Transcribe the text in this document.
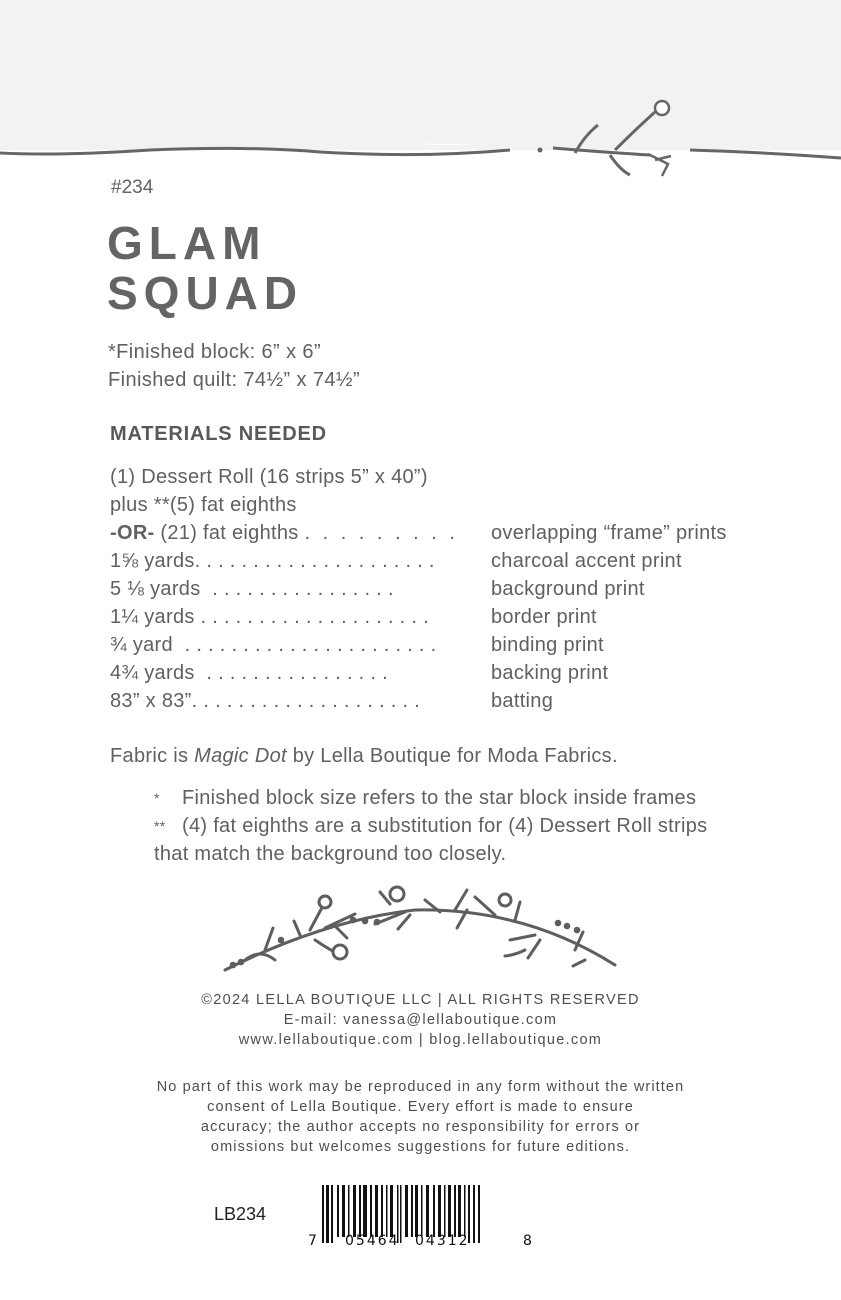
#234
GLAM
SQUAD
*Finished block: 6” x 6”
Finished quilt: 74½” x 74½”
MATERIALS NEEDED
(1) Dessert Roll (16 strips 5” x 40”)
plus **(5) fat eighths
-OR- (21) fat eighths . . . . . . . . . overlapping “frame” prints
1⅝ yards. . . . . . . . . . . . . . . . . . . . .	charcoal accent print
5 ⅛ yards . . . . . . . . . . . . . . . .	background print
1¼ yards . . . . . . . . . . . . . . . . . . . .	border print
¾ yard . . . . . . . . . . . . . . . . . . . . . .	binding print
4¾ yards . . . . . . . . . . . . . . . .	backing print
83” x 83”. . . . . . . . . . . . . . . . . . . .	batting
Fabric is Magic Dot by Lella Boutique for Moda Fabrics.
* Finished block size refers to the star block inside frames
** (4) fat eighths are a substitution for (4) Dessert Roll strips
that match the background too closely.
©2024 LELLA BOUTIQUE LLC | ALL RIGHTS RESERVED
E-mail: vanessa@lellaboutique.com
www.lellaboutique.com | blog.lellaboutique.com
No part of this work may be reproduced in any form without the written
consent of Lella Boutique. Every effort is made to ensure
accuracy; the author accepts no responsibility for errors or
omissions but welcomes suggestions for future editions.
LB234
7 05464 04312	8
